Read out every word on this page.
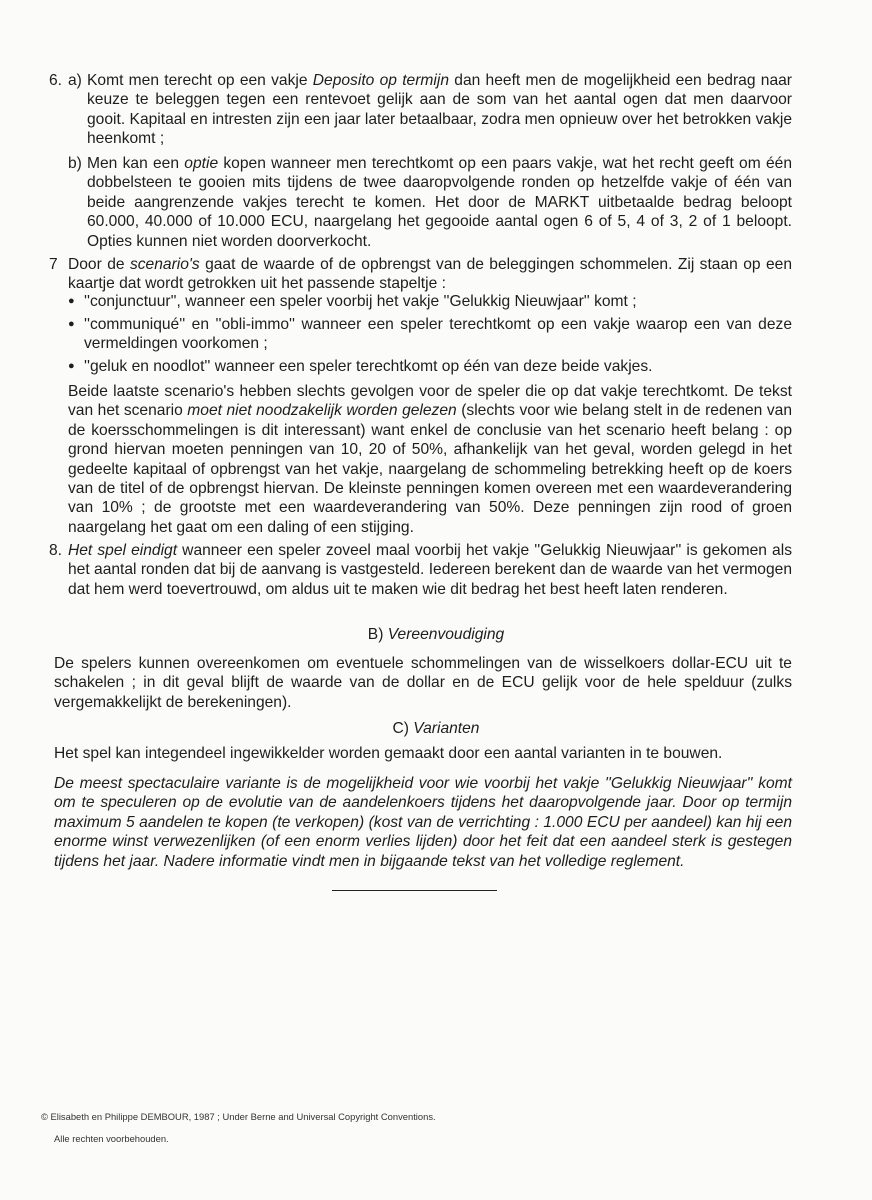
6. a) Komt men terecht op een vakje Deposito op termijn dan heeft men de mogelijkheid een bedrag naar keuze te beleggen tegen een rentevoet gelijk aan de som van het aantal ogen dat men daarvoor gooit. Kapitaal en intresten zijn een jaar later betaalbaar, zodra men opnieuw over het betrokken vakje heenkomt ;
b) Men kan een optie kopen wanneer men terechtkomt op een paars vakje, wat het recht geeft om één dobbelsteen te gooien mits tijdens de twee daaropvolgende ronden op hetzelfde vakje of één van beide aangrenzende vakjes terecht te komen. Het door de MARKT uitbetaalde bedrag beloopt 60.000, 40.000 of 10.000 ECU, naargelang het gegooide aantal ogen 6 of 5, 4 of 3, 2 of 1 beloopt. Opties kunnen niet worden doorverkocht.
7 Door de scenario's gaat de waarde of de opbrengst van de beleggingen schommelen. Zij staan op een kaartje dat wordt getrokken uit het passende stapeltje :
● ''conjunctuur'', wanneer een speler voorbij het vakje ''Gelukkig Nieuwjaar'' komt ;
● ''communiqué'' en ''obli-immo'' wanneer een speler terechtkomt op een vakje waarop een van deze vermeldingen voorkomen ;
● ''geluk en noodlot'' wanneer een speler terechtkomt op één van deze beide vakjes.
Beide laatste scenario's hebben slechts gevolgen voor de speler die op dat vakje terechtkomt. De tekst van het scenario moet niet noodzakelijk worden gelezen (slechts voor wie belang stelt in de redenen van de koersschommelingen is dit interessant) want enkel de conclusie van het scenario heeft belang : op grond hiervan moeten penningen van 10, 20 of 50%, afhankelijk van het geval, worden gelegd in het gedeelte kapitaal of opbrengst van het vakje, naargelang de schommeling betrekking heeft op de koers van de titel of de opbrengst hiervan. De kleinste penningen komen overeen met een waardeverandering van 10% ; de grootste met een waardeverandering van 50%. Deze penningen zijn rood of groen naargelang het gaat om een daling of een stijging.
8. Het spel eindigt wanneer een speler zoveel maal voorbij het vakje ''Gelukkig Nieuwjaar'' is gekomen als het aantal ronden dat bij de aanvang is vastgesteld. Iedereen berekent dan de waarde van het vermogen dat hem werd toevertrouwd, om aldus uit te maken wie dit bedrag het best heeft laten renderen.
B) Vereenvoudiging
De spelers kunnen overeenkomen om eventuele schommelingen van de wisselkoers dollar-ECU uit te schakelen ; in dit geval blijft de waarde van de dollar en de ECU gelijk voor de hele spelduur (zulks vergemakkelijkt de berekeningen).
C) Varianten
Het spel kan integendeel ingewikkelder worden gemaakt door een aantal varianten in te bouwen.
De meest spectaculaire variante is de mogelijkheid voor wie voorbij het vakje ''Gelukkig Nieuwjaar'' komt om te speculeren op de evolutie van de aandelenkoers tijdens het daaropvolgende jaar. Door op termijn maximum 5 aandelen te kopen (te verkopen) (kost van de verrichting : 1.000 ECU per aandeel) kan hij een enorme winst verwezenlijken (of een enorm verlies lijden) door het feit dat een aandeel sterk is gestegen tijdens het jaar. Nadere informatie vindt men in bijgaande tekst van het volledige reglement.
© Elisabeth en Philippe DEMBOUR, 1987 ; Under Berne and Universal Copyright Conventions.
Alle rechten voorbehouden.
